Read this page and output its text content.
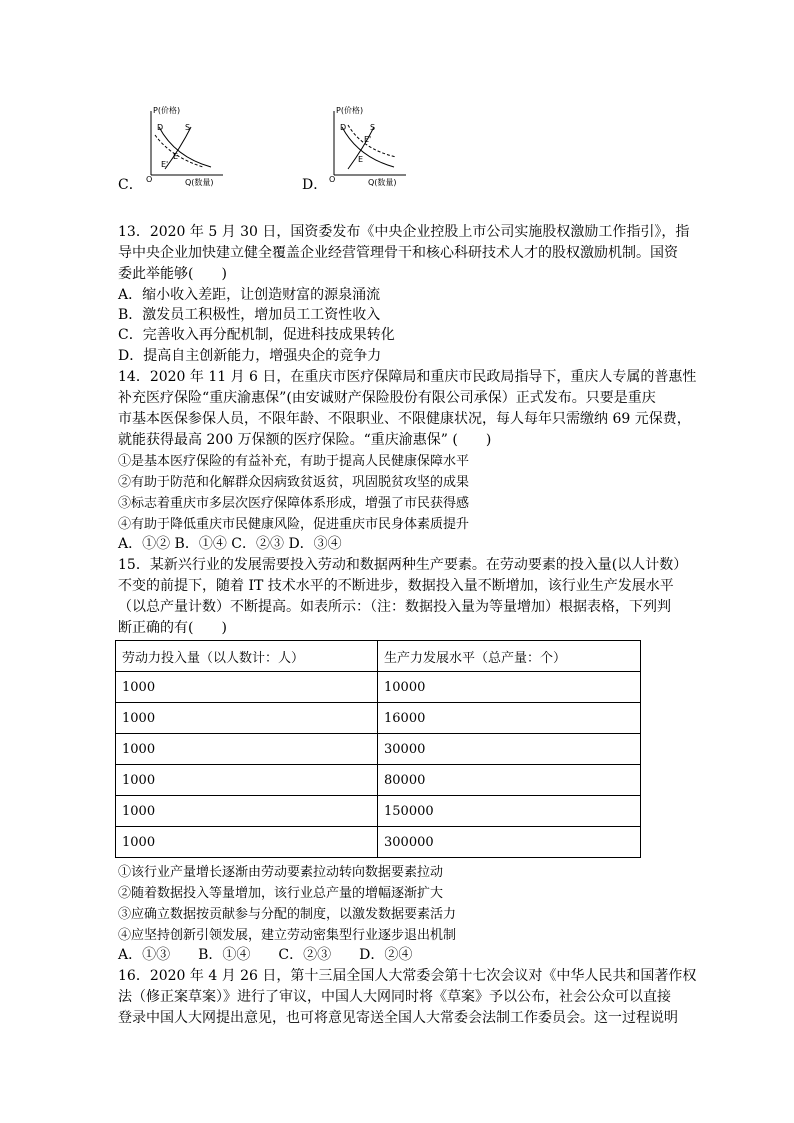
P(价格)
Q(数量)
O
D	S
E
E'
C．
P(价格)
Q(数量)
O
D	S
E
E'
D．
13．2020 年 5 月 30 日，国资委发布《中央企业控股上市公司实施股权激励工作指引》，指
导中央企业加快建立健全覆盖企业经营管理骨干和核心科研技术人才的股权激励机制。国资
委此举能够(　　)
A．缩小收入差距，让创造财富的源泉涌流
B．激发员工积极性，增加员工工资性收入
C．完善收入再分配机制，促进科技成果转化
D．提高自主创新能力，增强央企的竞争力
14．2020 年 11 月 6 日，在重庆市医疗保障局和重庆市民政局指导下，重庆人专属的普惠性
补充医疗保险“重庆渝惠保”(由安诚财产保险股份有限公司承保）正式发布。只要是重庆
市基本医保参保人员，不限年龄、不限职业、不限健康状况，每人每年只需缴纳 69 元保费，
就能获得最高 200 万保额的医疗保险。“重庆渝惠保” (　　)
①是基本医疗保险的有益补充，有助于提高人民健康保障水平
②有助于防范和化解群众因病致贫返贫，巩固脱贫攻坚的成果
③标志着重庆市多层次医疗保障体系形成，增强了市民获得感
④有助于降低重庆市民健康风险，促进重庆市民身体素质提升
A．①② B．①④ C．②③ D．③④
15．某新兴行业的发展需要投入劳动和数据两种生产要素。在劳动要素的投入量(以人计数）
不变的前提下，随着 IT 技术水平的不断进步，数据投入量不断增加，该行业生产发展水平
（以总产量计数）不断提高。如表所示：（注：数据投入量为等量增加）根据表格，下列判
断正确的有(　　)
劳动力投入量（以人数计：人）	生产力发展水平（总产量：个）
1000	10000
1000	16000
1000	30000
1000	80000
1000	150000
1000	300000
①该行业产量增长逐渐由劳动要素拉动转向数据要素拉动
②随着数据投入等量增加，该行业总产量的增幅逐渐扩大
③应确立数据按贡献参与分配的制度，以激发数据要素活力
④应坚持创新引领发展，建立劳动密集型行业逐步退出机制
A．①③　　B．①④　　C．②③　　D．②④
16．2020 年 4 月 26 日，第十三届全国人大常委会第十七次会议对《中华人民共和国著作权
法（修正案草案）》进行了审议，中国人大网同时将《草案》予以公布，社会公众可以直接
登录中国人大网提出意见，也可将意见寄送全国人大常委会法制工作委员会。这一过程说明
